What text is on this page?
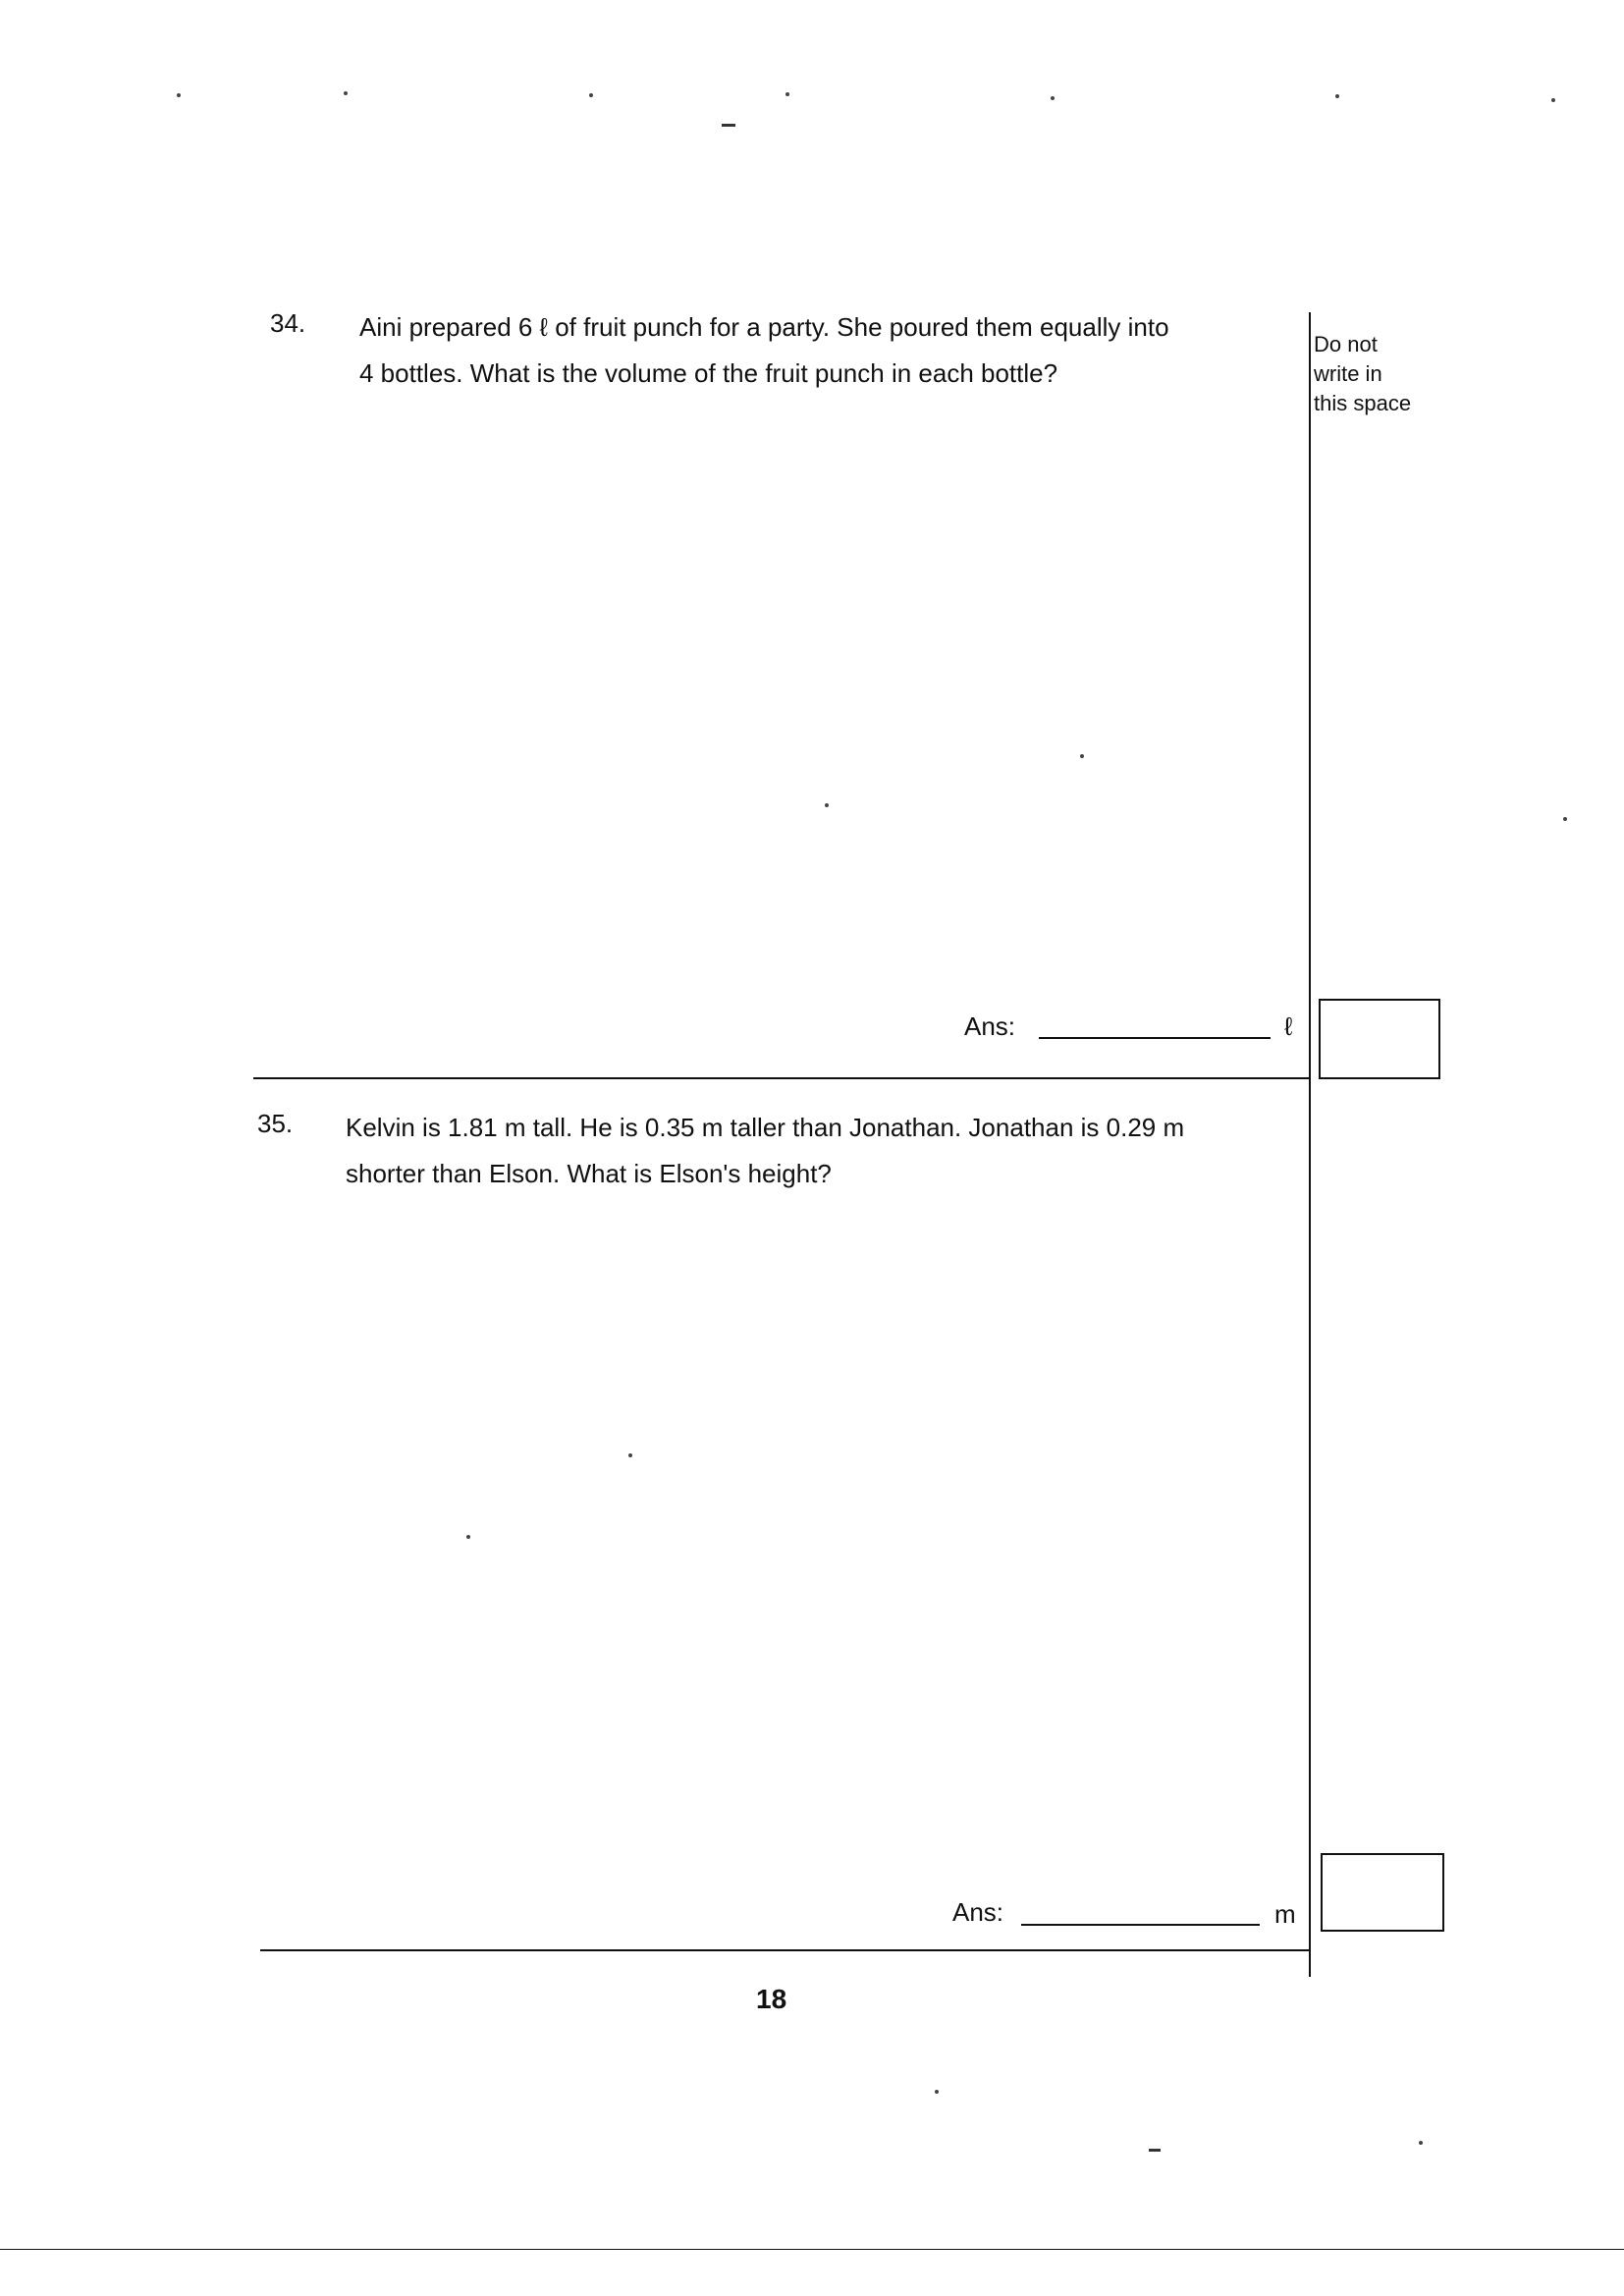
Do not
write in
this space
34. Aini prepared 6 ℓ of fruit punch for a party. She poured them equally into
4 bottles. What is the volume of the fruit punch in each bottle?
Ans:	ℓ
35. Kelvin is 1.81 m tall. He is 0.35 m taller than Jonathan. Jonathan is 0.29 m
shorter than Elson. What is Elson's height?
Ans:	m
18
